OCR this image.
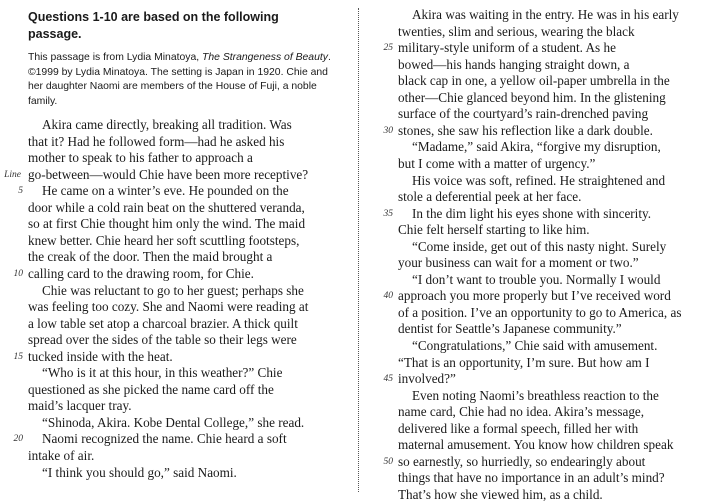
Questions 1-10 are based on the following passage.
This passage is from Lydia Minatoya, The Strangeness of Beauty. ©1999 by Lydia Minatoya. The setting is Japan in 1920. Chie and her daughter Naomi are members of the House of Fuji, a noble family.
Akira came directly, breaking all tradition. Was
that it? Had he followed form—had he asked his
mother to speak to his father to approach a
go-between—would Chie have been more receptive?
Line
He came on a winter’s eve. He pounded on the
5
door while a cold rain beat on the shuttered veranda,
so at first Chie thought him only the wind. The maid
knew better. Chie heard her soft scuttling footsteps,
the creak of the door. Then the maid brought a
calling card to the drawing room, for Chie.
10
Chie was reluctant to go to her guest; perhaps she
was feeling too cozy. She and Naomi were reading at
a low table set atop a charcoal brazier. A thick quilt
spread over the sides of the table so their legs were
tucked inside with the heat.
15
“Who is it at this hour, in this weather?” Chie
questioned as she picked the name card off the
maid’s lacquer tray.
“Shinoda, Akira. Kobe Dental College,” she read.
Naomi recognized the name. Chie heard a soft
20
intake of air.
“I think you should go,” said Naomi.
Akira was waiting in the entry. He was in his early
twenties, slim and serious, wearing the black
military-style uniform of a student. As he
25
bowed—his hands hanging straight down, a
black cap in one, a yellow oil-paper umbrella in the
other—Chie glanced beyond him. In the glistening
surface of the courtyard’s rain-drenched paving
stones, she saw his reflection like a dark double.
30
“Madame,” said Akira, “forgive my disruption,
but I come with a matter of urgency.”
His voice was soft, refined. He straightened and
stole a deferential peek at her face.
In the dim light his eyes shone with sincerity.
35
Chie felt herself starting to like him.
“Come inside, get out of this nasty night. Surely
your business can wait for a moment or two.”
“I don’t want to trouble you. Normally I would
approach you more properly but I’ve received word
40
of a position. I’ve an opportunity to go to America, as
dentist for Seattle’s Japanese community.”
“Congratulations,” Chie said with amusement.
“That is an opportunity, I’m sure. But how am I
involved?”
45
Even noting Naomi’s breathless reaction to the
name card, Chie had no idea. Akira’s message,
delivered like a formal speech, filled her with
maternal amusement. You know how children speak
so earnestly, so hurriedly, so endearingly about
50
things that have no importance in an adult’s mind?
That’s how she viewed him, as a child.
